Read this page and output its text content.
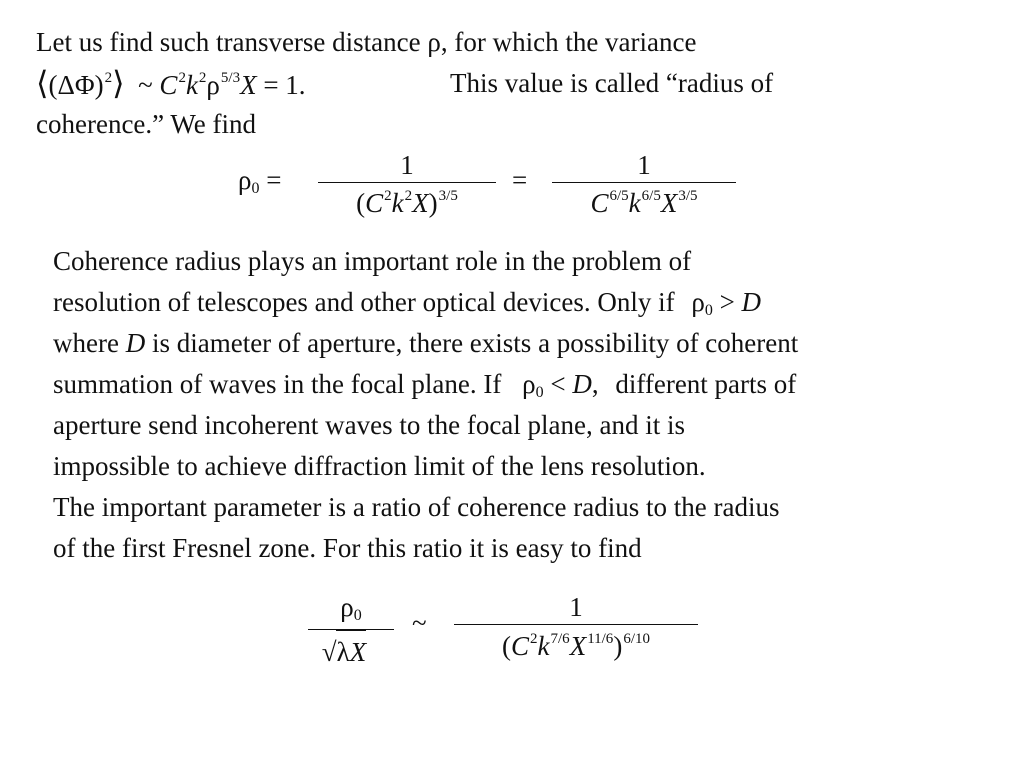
Let us find such transverse distance ρ, for which the variance
$⟨(\Delta\Phi)^2⟩$  ~ $C^2k^2\rho^{5/3}X = 1$.	This value is called “radius of
coherence.” We find
$\rho 0 = \frac{1}{(C^2k^2X)^{3/5}} = \frac{1}{C^{6/5}k^{6/5}X^{3/5}}$
Coherence radius plays an important role in the problem of
resolution of telescopes and other optical devices. Only if ρ0 > D
where D is diameter of aperture, there exists a possibility of coherent
summation of waves in the focal plane. If ρ0 < D, different parts of
aperture send incoherent waves to the focal plane, and it is
impossible to achieve diffraction limit of the lens resolution.
The important parameter is a ratio of coherence radius to the radius
of the first Fresnel zone. For this ratio it is easy to find
$\frac{\rho 0}{√\lambda X}$ ~ $\frac{1}{(C^2k^{7/6}X^{11/6})^{6/10}}$
